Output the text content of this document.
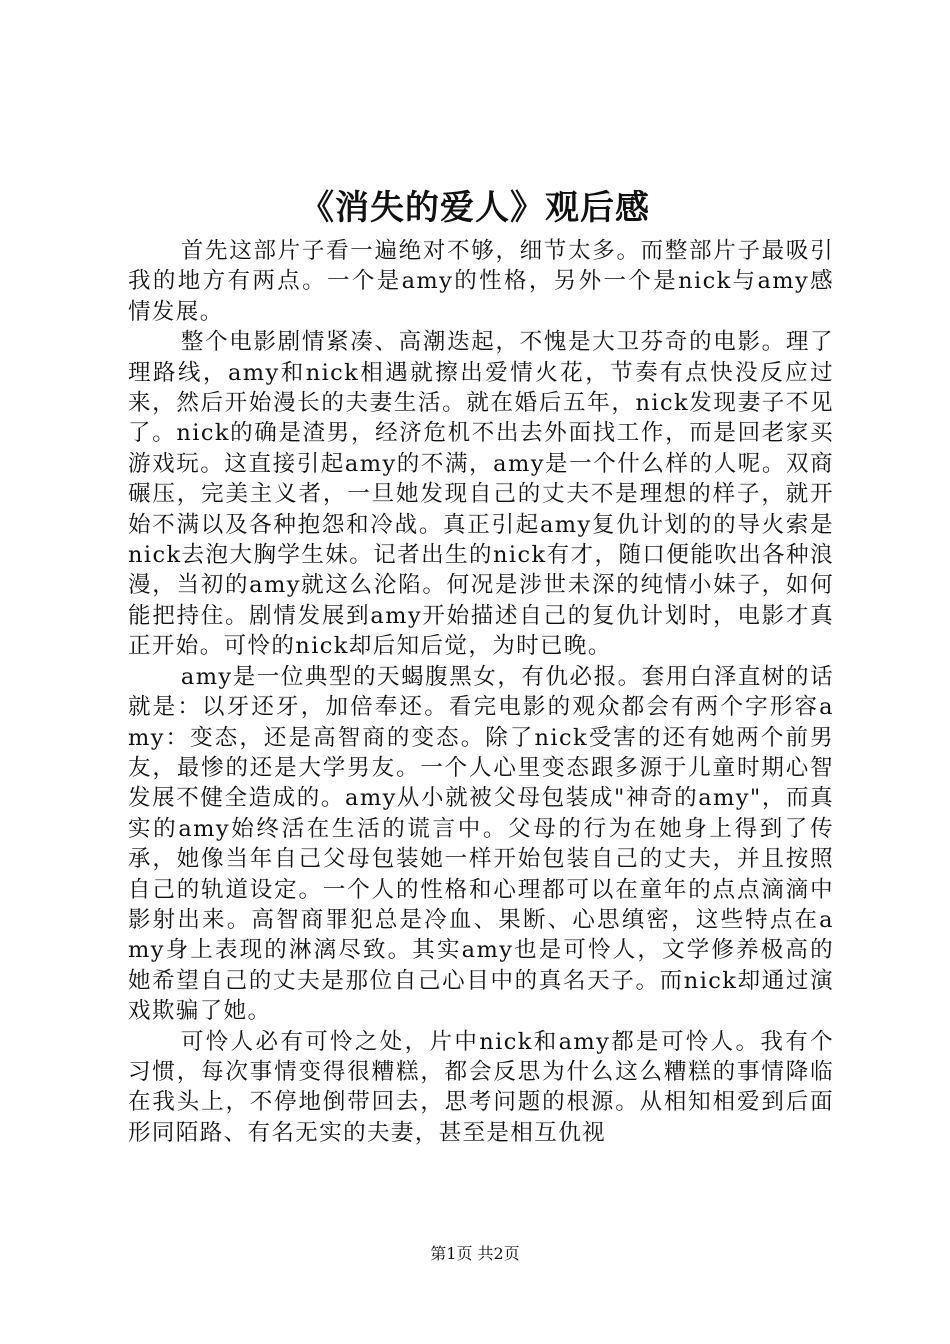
《消失的爱人》观后感

首先这部片子看一遍绝对不够，细节太多。而整部片子最吸引我的地方有两点。一个是amy的性格，另外一个是nick与amy感情发展。

整个电影剧情紧凑、高潮迭起，不愧是大卫芬奇的电影。理了理路线，amy和nick相遇就擦出爱情火花，节奏有点快没反应过来，然后开始漫长的夫妻生活。就在婚后五年，nick发现妻子不见了。nick的确是渣男，经济危机不出去外面找工作，而是回老家买游戏玩。这直接引起amy的不满，amy是一个什么样的人呢。双商碾压，完美主义者，一旦她发现自己的丈夫不是理想的样子，就开始不满以及各种抱怨和冷战。真正引起amy复仇计划的的导火索是nick去泡大胸学生妹。记者出生的nick有才，随口便能吹出各种浪漫，当初的amy就这么沦陷。何况是涉世未深的纯情小妹子，如何能把持住。剧情发展到amy开始描述自己的复仇计划时，电影才真正开始。可怜的nick却后知后觉，为时已晚。

amy是一位典型的天蝎腹黑女，有仇必报。套用白泽直树的话就是：以牙还牙，加倍奉还。看完电影的观众都会有两个字形容amy：变态，还是高智商的变态。除了nick受害的还有她两个前男友，最惨的还是大学男友。一个人心里变态跟多源于儿童时期心智发展不健全造成的。amy从小就被父母包装成"神奇的amy"，而真实的amy始终活在生活的谎言中。父母的行为在她身上得到了传承，她像当年自己父母包装她一样开始包装自己的丈夫，并且按照自己的轨道设定。一个人的性格和心理都可以在童年的点点滴滴中影射出来。高智商罪犯总是冷血、果断、心思缜密，这些特点在amy身上表现的淋漓尽致。其实amy也是可怜人，文学修养极高的她希望自己的丈夫是那位自己心目中的真名天子。而nick却通过演戏欺骗了她。

可怜人必有可怜之处，片中nick和amy都是可怜人。我有个习惯，每次事情变得很糟糕，都会反思为什么这么糟糕的事情降临在我头上，不停地倒带回去，思考问题的根源。从相知相爱到后面形同陌路、有名无实的夫妻，甚至是相互仇视

第1页 共2页
